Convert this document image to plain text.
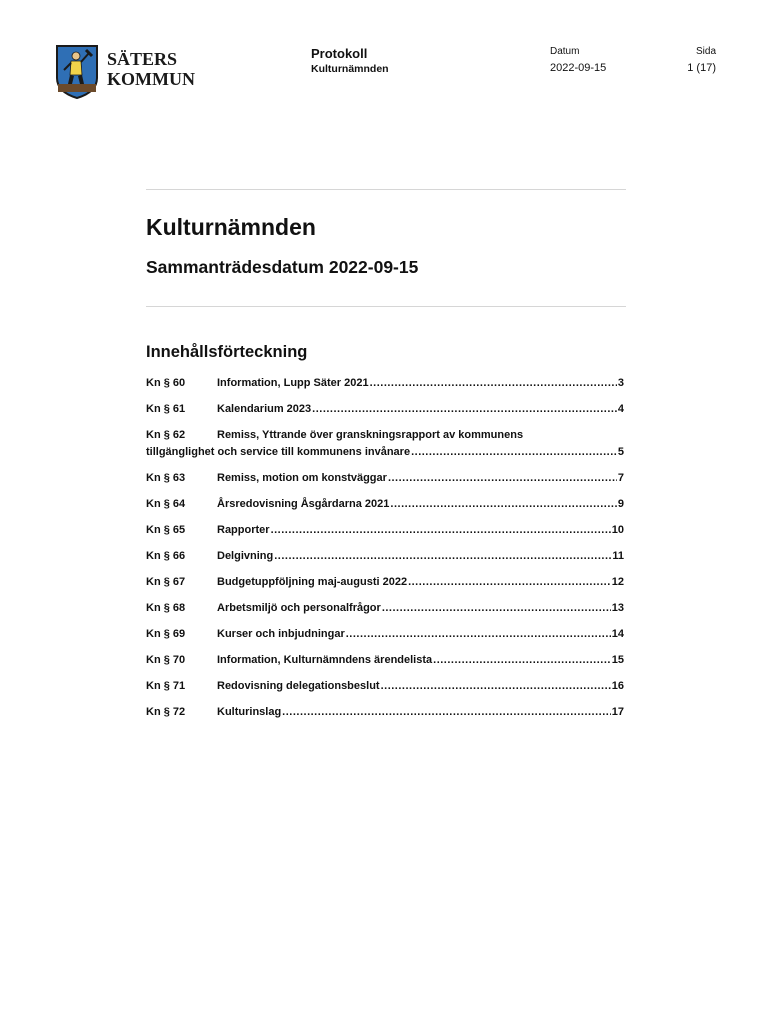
SÄTERS
KOMMUN
Protokoll
Kulturnämnden
Datum
2022-09-15
Sida
1 (17)
Kulturnämnden
Sammanträdesdatum 2022-09-15
Innehållsförteckning
Kn § 60	Information, Lupp Säter 2021 .....	3
Kn § 61	Kalendarium 2023 .....	4
Kn § 62	Remiss, Yttrande över granskningsrapport av kommunens
tillgänglighet och service till kommunens invånare .....	5
Kn § 63	Remiss, motion om konstväggar .....	7
Kn § 64	Årsredovisning Åsgårdarna 2021 .....	9
Kn § 65	Rapporter .....	10
Kn § 66	Delgivning .....	11
Kn § 67	Budgetuppföljning maj-augusti 2022 .....	12
Kn § 68	Arbetsmiljö och personalfrågor .....	13
Kn § 69	Kurser och inbjudningar .....	14
Kn § 70	Information, Kulturnämndens ärendelista .....	15
Kn § 71	Redovisning delegationsbeslut .....	16
Kn § 72	Kulturinslag .....	17
